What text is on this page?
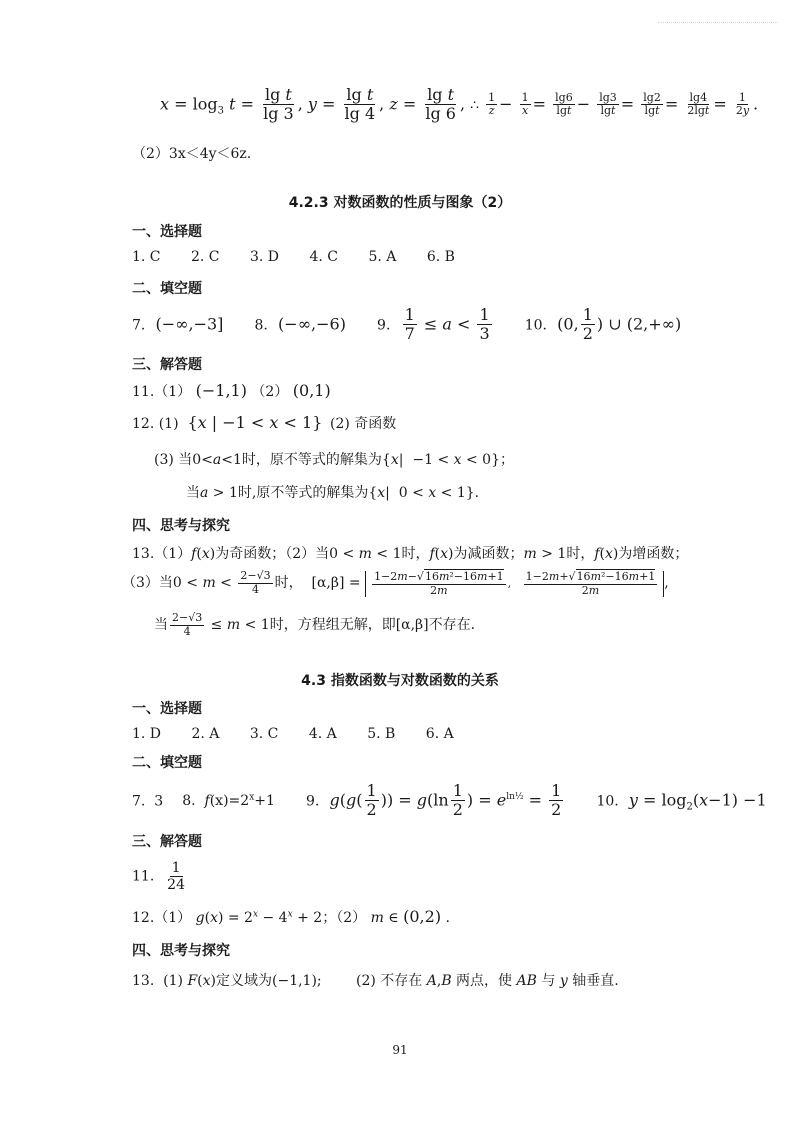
$x = \log_3 t = \frac{\text{lg t}}{\lg 3}$ , $y = \frac{\text{lg t}}{\lg 4}$ , $z = \frac{\text{lg t}}{\lg 6}$ , ∴ $\frac{1}{z} - \frac{1}{x} = \frac{\lg 6}{\lg t} - \frac{\lg 3}{\lg t} = \frac{\lg 2}{\lg t} = \frac{\lg 4}{2\lg t} = \frac{1}{2y}$ .
（2）3x＜4y＜6z.
4.2.3 对数函数的性质与图象（2）
一、选择题
1. C 2. C 3. D 4. C 5. A 6. B
二、填空题
7.  (−∞,−3] 8.  (−∞,−6) 9. $\frac{1}{7} \le a < \frac{1}{3} 10$.  (0, $\frac{1}{2}$ ) ∪ (2,+∞)
三、解答题
11.（1） (−1,1) （2） (0,1)
12. (1)  {x | −1 < x < 1} (2) 奇函数
(3) 当0<a<1时，原不等式的解集为{x|  −1 < x < 0}；
当a > 1时,原不等式的解集为{x|  0 < x < 1}.
四、思考与探究
13.（1）f(x)为奇函数；（2）当0 < m < 1时，f(x)为减函数；m > 1时，f(x)为增函数；
（3）当$0 < m < \frac{2-√3}{4}$ 时，  $[\alpha,\beta] = \frac{\text{1−2m−√16m²−16m+1}}{2m}$ , $\frac{\text{1−2m+√16m²−16m+1}}{2m}$ ,
当 $\frac{2-√3}{4} \le m < 1$时，方程组无解，即[α,β]不存在.
4.3 指数函数与对数函数的关系
一、选择题
1. D 2. A 3. C 4. A 5. B 6. A
二、填空题
7.  3 8.  $f(x)=2^x+1$ 9. $g(g( \frac{1}{2}$ )) = $g(\ln \frac{1}{2}$ ) = $e^{ln\frac{1}{2}} = \frac{1}{2} 10$. $y = \log_2(x-1) -1$
三、解答题
11. $\frac{1}{24}$
12.（1） $g(x) = 2^x - 4^x + 2$；（2） m ∈ (0,2) .
四、思考与探究
13.  (1) F(x)定义域为(−1,1); (2) 不存在 A,B 两点，使 AB 与 y 轴垂直.
91
